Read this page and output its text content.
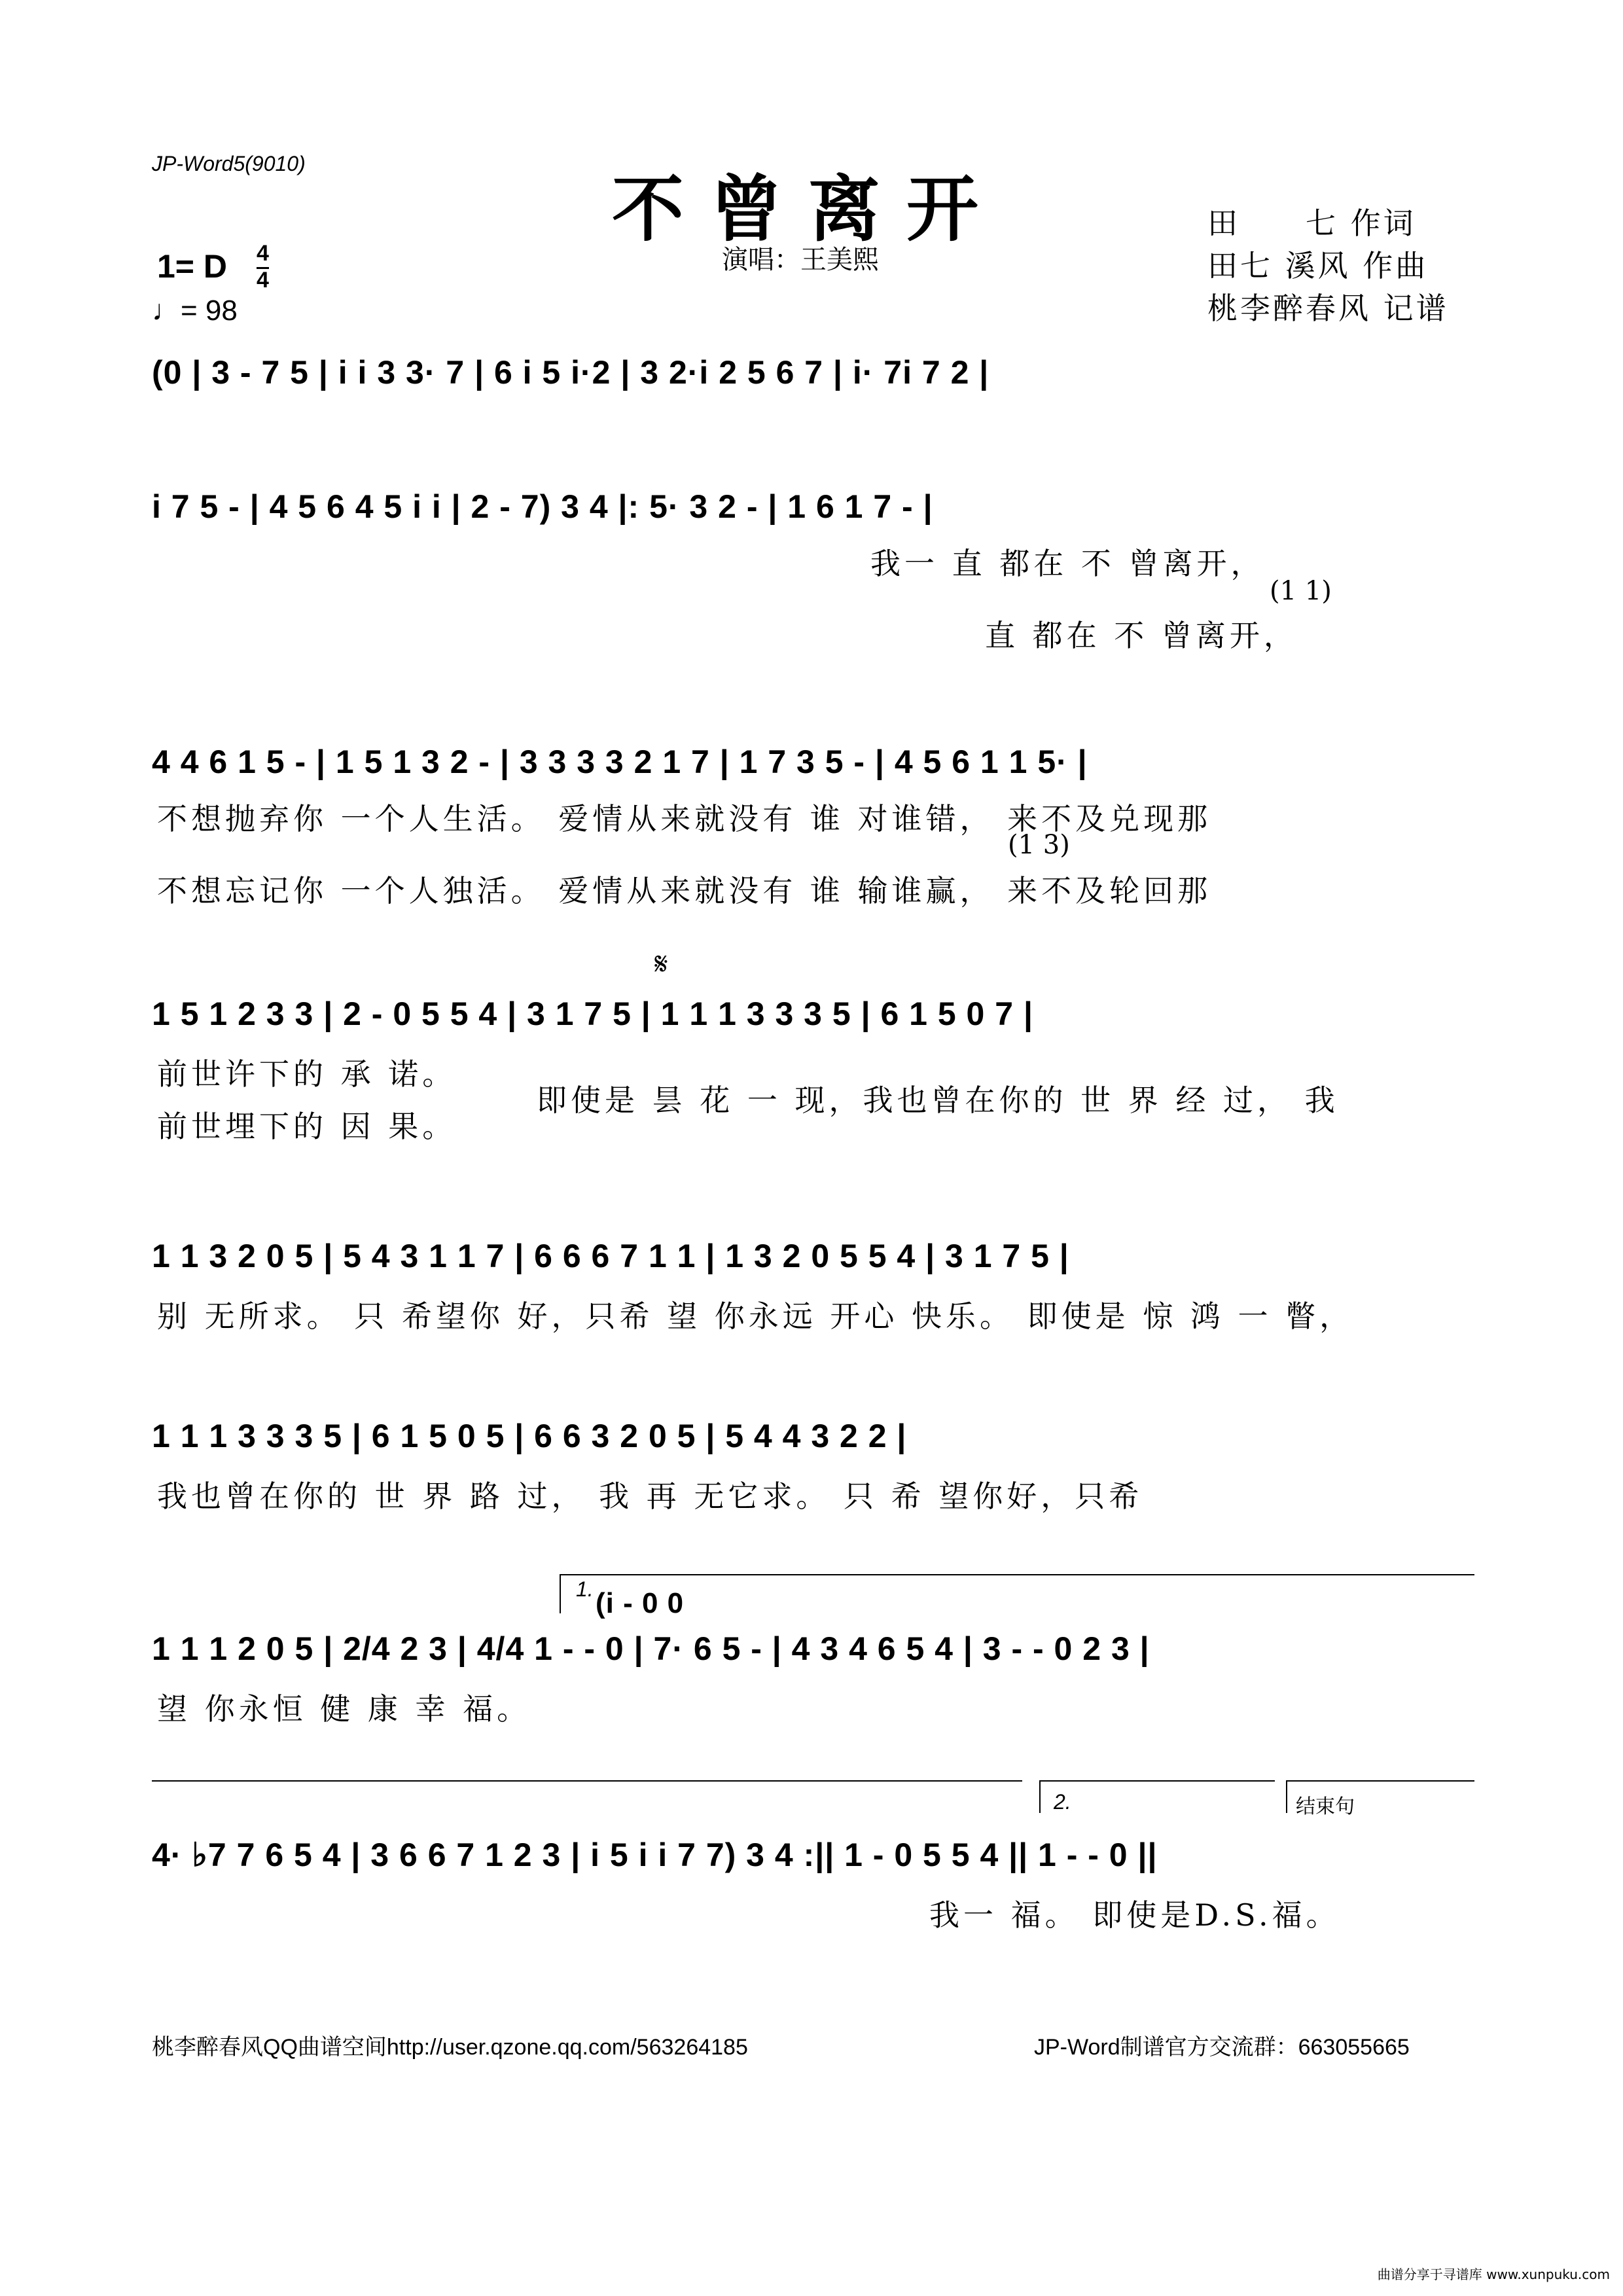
JP-Word5(9010)
不曾离开
演唱：王美熙
田　　七 作词
田七 溪风 作曲
桃李醉春风 记谱
1= D 4
4
♩= 98
(0 | 3 - 7 5 | i i 3 3· 7 | 6 i 5 i·2 | 3 2·i 2 5 6 7 | i· 7i 7 2 |
i 7 5 - | 4 5 6 4 5 i i | 2 - 7) 3 4 |: 5· 3 2 - | 1 6 1 7 - |
我一 直 都在 不 曾离开，
(1 1)
直 都在 不 曾离开，
4 4 6 1 5 - | 1 5 1 3 2 - | 3 3 3 3 2 1 7 | 1 7 3 5 - | 4 5 6 1 1 5· |
不想抛弃你 一个人生活。 爱情从来就没有 谁 对谁错， 来不及兑现那
(1 3)
不想忘记你 一个人独活。 爱情从来就没有 谁 输谁赢， 来不及轮回那
𝄋
1 5 1 2 3 3 | 2 - 0 5 5 4 | 3 1 7 5 | 1 1 1 3 3 3 5 | 6 1 5 0 7 |
前世许下的 承 诺。
前世埋下的 因 果。
即使是 昙 花 一 现，我也曾在你的 世 界 经 过， 我
1 1 3 2 0 5 | 5 4 3 1 1 7 | 6 6 6 7 1 1 | 1 3 2 0 5 5 4 | 3 1 7 5 |
别 无所求。 只 希望你 好，只希 望 你永远 开心 快乐。 即使是 惊 鸿 一 瞥，
1 1 1 3 3 3 5 | 6 1 5 0 5 | 6 6 3 2 0 5 | 5 4 4 3 2 2 |
我也曾在你的 世 界 路 过， 我 再 无它求。 只 希 望你好，只希
1. (i - 0 0
1 1 1 2 0 5 | 2/4 2 3 | 4/4 1 - - 0 | 7· 6 5 - | 4 3 4 6 5 4 | 3 - - 0 2 3 |
望 你永恒 健 康 幸 福。
2.	结束句
4· ♭7 7 6 5 4 | 3 6 6 7 1 2 3 | i 5 i i 7 7) 3 4 :|| 1 - 0 5 5 4 || 1 - - 0 ||
我一 福。 即使是D.S.福。
桃李醉春风QQ曲谱空间http://user.qzone.qq.com/563264185	JP-Word制谱官方交流群：663055665
曲谱分享于寻谱库 www.xunpuku.com
